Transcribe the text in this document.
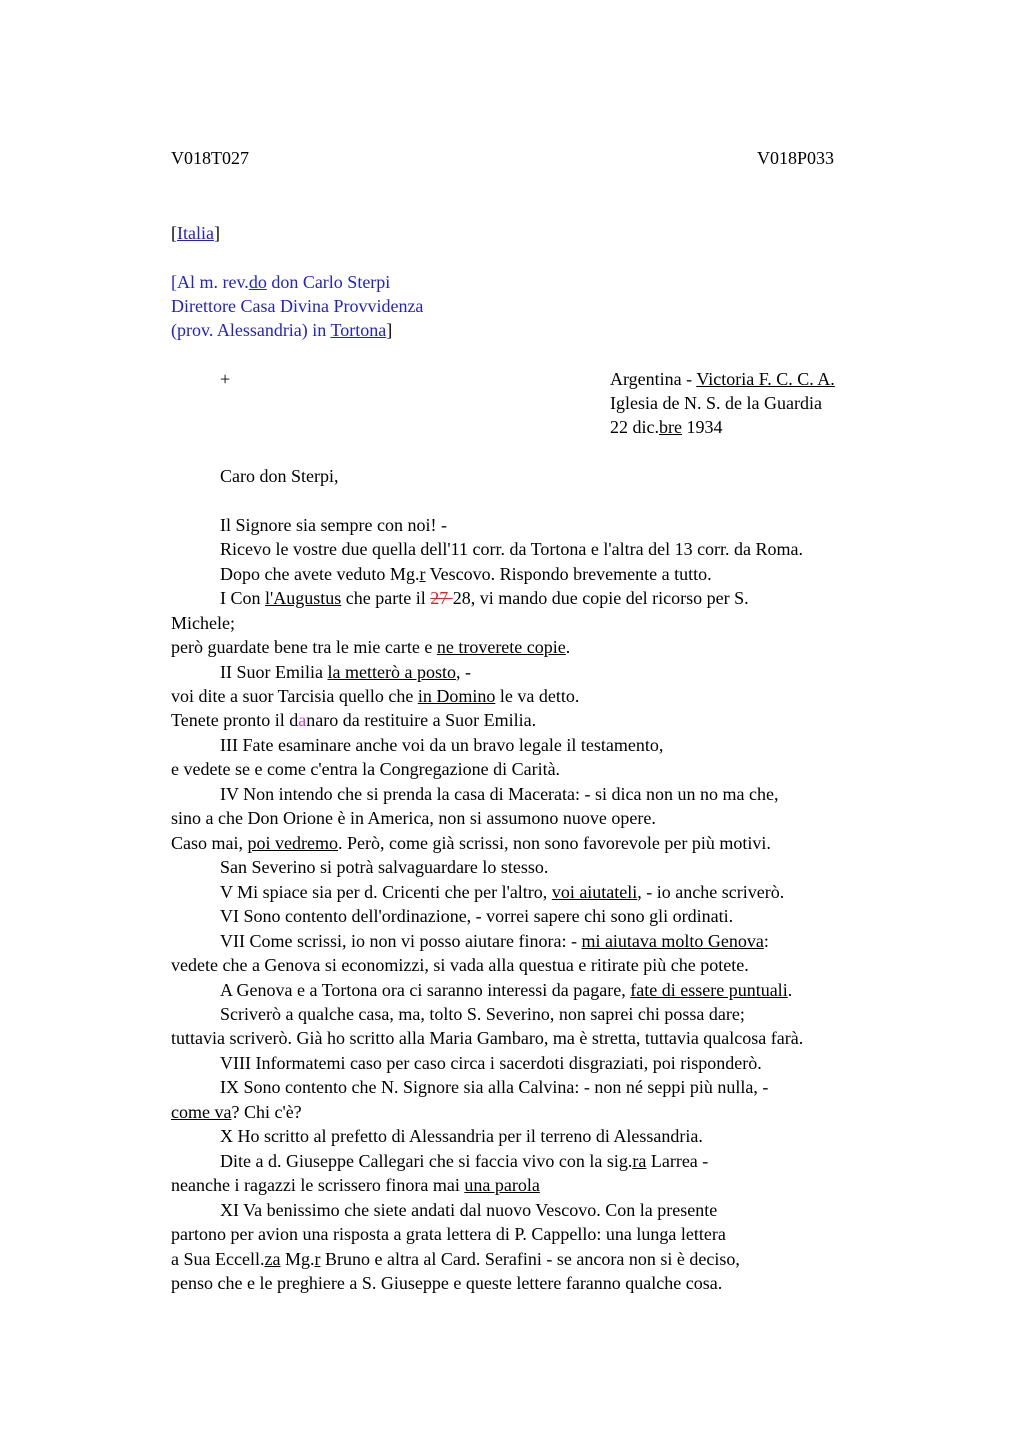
V018T027	V018P033
[Italia]
[Al m. rev.do don Carlo Sterpi
Direttore Casa Divina Provvidenza
(prov. Alessandria) in Tortona]
+	Argentina - Victoria F. C. C. A.
Iglesia de N. S. de la Guardia
22 dic.bre 1934
Caro don Sterpi,
Il Signore sia sempre con noi! -
Ricevo le vostre due quella dell'11 corr. da Tortona e l'altra del 13 corr. da Roma.
Dopo che avete veduto Mg.r Vescovo. Rispondo brevemente a tutto.
I Con l'Augustus che parte il 27 28, vi mando due copie del ricorso per S.
Michele;
però guardate bene tra le mie carte e ne troverete copie.
II Suor Emilia la metterò a posto, -
voi dite a suor Tarcisia quello che in Domino le va detto.
Tenete pronto il danaro da restituire a Suor Emilia.
III Fate esaminare anche voi da un bravo legale il testamento,
e vedete se e come c'entra la Congregazione di Carità.
IV Non intendo che si prenda la casa di Macerata: - si dica non un no ma che,
sino a che Don Orione è in America, non si assumono nuove opere.
Caso mai, poi vedremo. Però, come già scrissi, non sono favorevole per più motivi.
San Severino si potrà salvaguardare lo stesso.
V Mi spiace sia per d. Cricenti che per l'altro, voi aiutateli, - io anche scriverò.
VI Sono contento dell'ordinazione, - vorrei sapere chi sono gli ordinati.
VII Come scrissi, io non vi posso aiutare finora: - mi aiutava molto Genova:
vedete che a Genova si economizzi, si vada alla questua e ritirate più che potete.
A Genova e a Tortona ora ci saranno interessi da pagare, fate di essere puntuali.
Scriverò a qualche casa, ma, tolto S. Severino, non saprei chi possa dare;
tuttavia scriverò. Già ho scritto alla Maria Gambaro, ma è stretta, tuttavia qualcosa farà.
VIII Informatemi caso per caso circa i sacerdoti disgraziati, poi risponderò.
IX Sono contento che N. Signore sia alla Calvina: - non né seppi più nulla, -
come va? Chi c'è?
X Ho scritto al prefetto di Alessandria per il terreno di Alessandria.
Dite a d. Giuseppe Callegari che si faccia vivo con la sig.ra Larrea -
neanche i ragazzi le scrissero finora mai una parola
XI Va benissimo che siete andati dal nuovo Vescovo. Con la presente
partono per avion una risposta a grata lettera di P. Cappello: una lunga lettera
a Sua Eccell.za Mg.r Bruno e altra al Card. Serafini - se ancora non si è deciso,
penso che e le preghiere a S. Giuseppe e queste lettere faranno qualche cosa.
